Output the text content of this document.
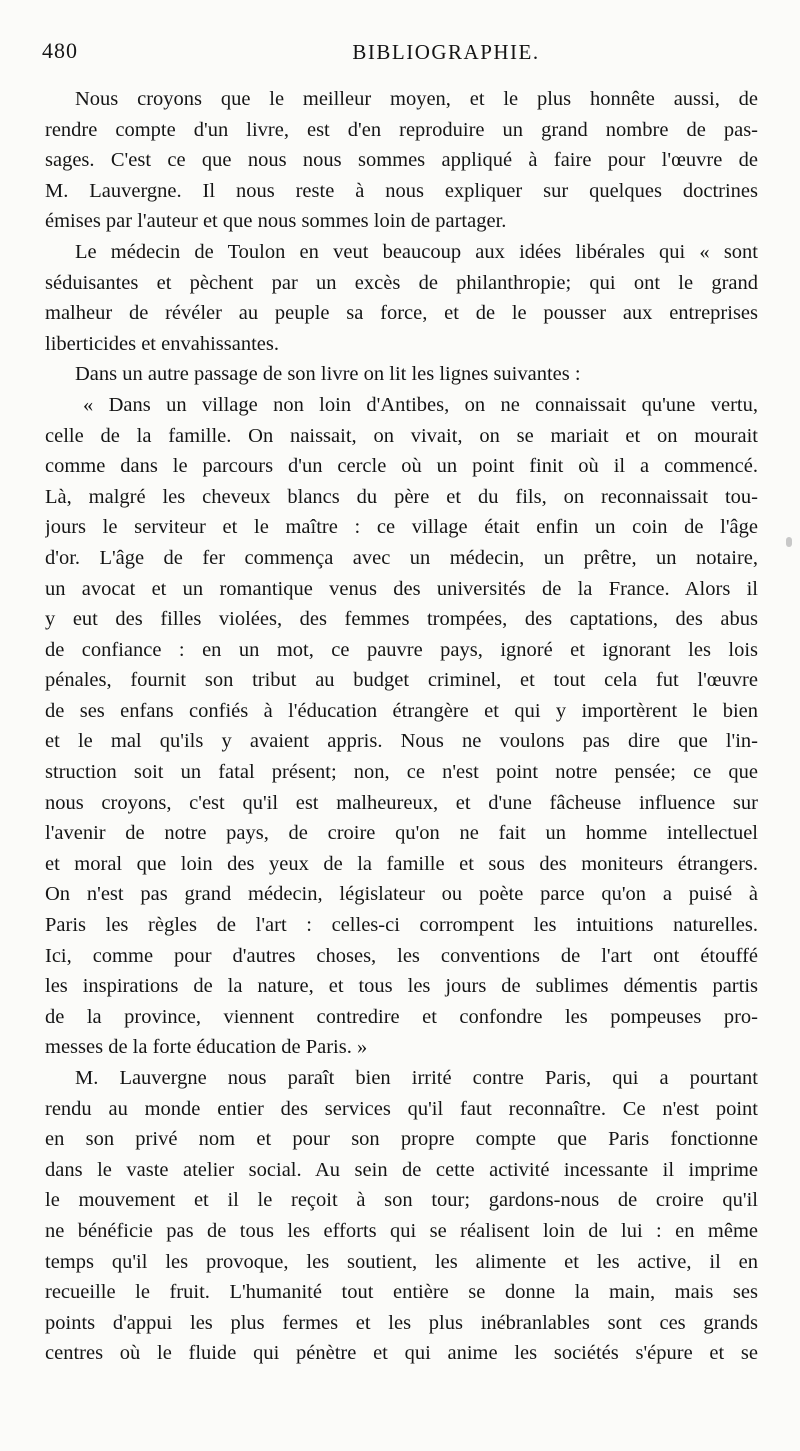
480	BIBLIOGRAPHIE.
Nous croyons que le meilleur moyen, et le plus honnête aussi, de
rendre compte d'un livre, est d'en reproduire un grand nombre de pas-
sages. C'est ce que nous nous sommes appliqué à faire pour l'œuvre de
M. Lauvergne. Il nous reste à nous expliquer sur quelques doctrines
émises par l'auteur et que nous sommes loin de partager.
Le médecin de Toulon en veut beaucoup aux idées libérales qui « sont
séduisantes et pèchent par un excès de philanthropie; qui ont le grand
malheur de révéler au peuple sa force, et de le pousser aux entreprises
liberticides et envahissantes.
Dans un autre passage de son livre on lit les lignes suivantes :
« Dans un village non loin d'Antibes, on ne connaissait qu'une vertu,
celle de la famille. On naissait, on vivait, on se mariait et on mourait
comme dans le parcours d'un cercle où un point finit où il a commencé.
Là, malgré les cheveux blancs du père et du fils, on reconnaissait tou-
jours le serviteur et le maître : ce village était enfin un coin de l'âge
d'or. L'âge de fer commença avec un médecin, un prêtre, un notaire,
un avocat et un romantique venus des universités de la France. Alors il
y eut des filles violées, des femmes trompées, des captations, des abus
de confiance : en un mot, ce pauvre pays, ignoré et ignorant les lois
pénales, fournit son tribut au budget criminel, et tout cela fut l'œuvre
de ses enfans confiés à l'éducation étrangère et qui y importèrent le bien
et le mal qu'ils y avaient appris. Nous ne voulons pas dire que l'in-
struction soit un fatal présent; non, ce n'est point notre pensée; ce que
nous croyons, c'est qu'il est malheureux, et d'une fâcheuse influence sur
l'avenir de notre pays, de croire qu'on ne fait un homme intellectuel
et moral que loin des yeux de la famille et sous des moniteurs étrangers.
On n'est pas grand médecin, législateur ou poète parce qu'on a puisé à
Paris les règles de l'art : celles-ci corrompent les intuitions naturelles.
Ici, comme pour d'autres choses, les conventions de l'art ont étouffé
les inspirations de la nature, et tous les jours de sublimes démentis partis
de la province, viennent contredire et confondre les pompeuses pro-
messes de la forte éducation de Paris. »
M. Lauvergne nous paraît bien irrité contre Paris, qui a pourtant
rendu au monde entier des services qu'il faut reconnaître. Ce n'est point
en son privé nom et pour son propre compte que Paris fonctionne
dans le vaste atelier social. Au sein de cette activité incessante il imprime
le mouvement et il le reçoit à son tour; gardons-nous de croire qu'il
ne bénéficie pas de tous les efforts qui se réalisent loin de lui : en même
temps qu'il les provoque, les soutient, les alimente et les active, il en
recueille le fruit. L'humanité tout entière se donne la main, mais ses
points d'appui les plus fermes et les plus inébranlables sont ces grands
centres où le fluide qui pénètre et qui anime les sociétés s'épure et se
